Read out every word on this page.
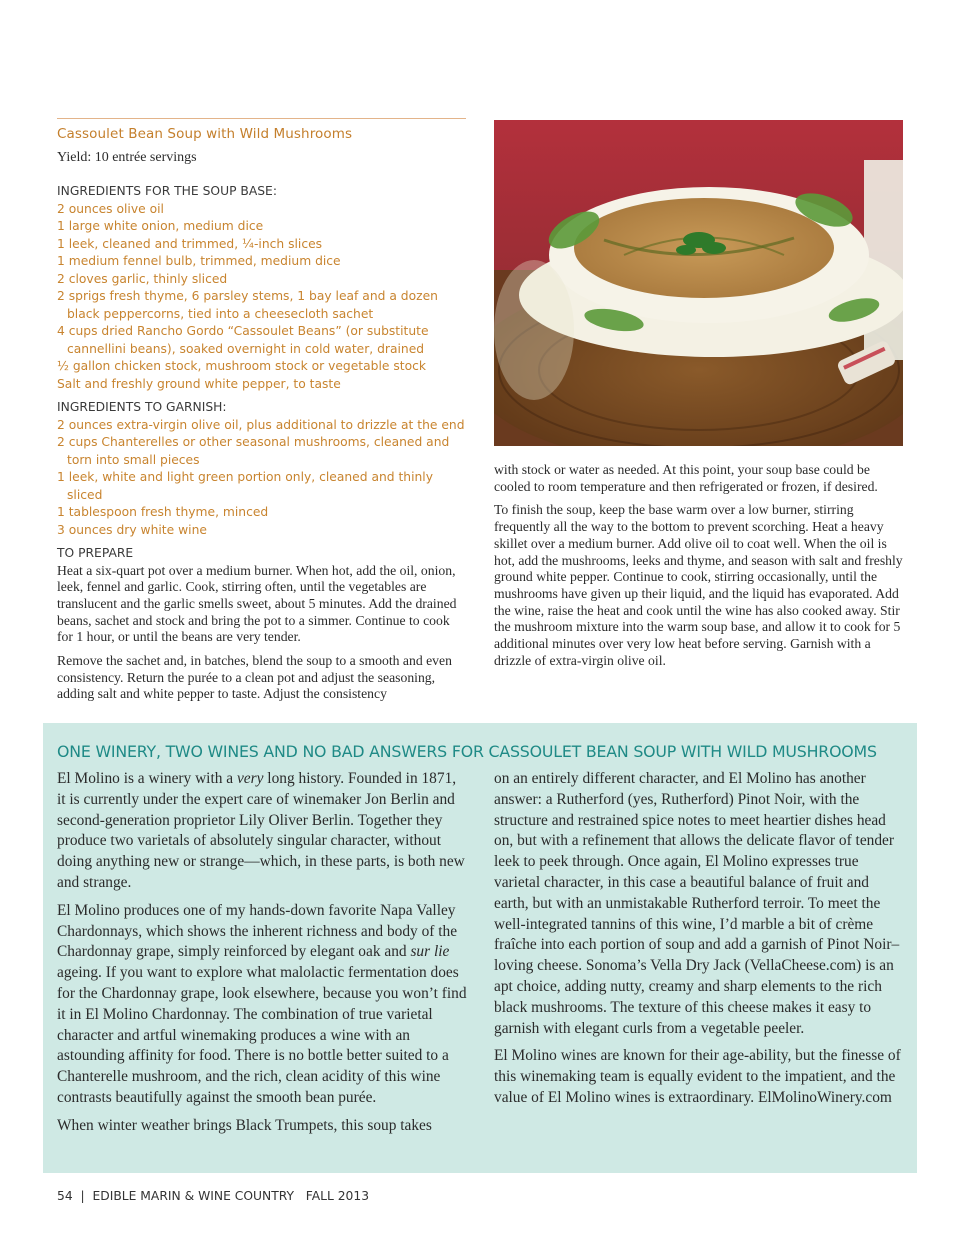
Cassoulet Bean Soup with Wild Mushrooms
Yield: 10 entrée servings

INGREDIENTS FOR THE SOUP BASE:

2 ounces olive oil
1 large white onion, medium dice
1 leek, cleaned and trimmed, ¼-inch slices
1 medium fennel bulb, trimmed, medium dice
2 cloves garlic, thinly sliced
2 sprigs fresh thyme, 6 parsley stems, 1 bay leaf and a dozen black peppercorns, tied into a cheesecloth sachet
4 cups dried Rancho Gordo “Cassoulet Beans” (or substitute cannellini beans), soaked overnight in cold water, drained
½ gallon chicken stock, mushroom stock or vegetable stock
Salt and freshly ground white pepper, to taste

INGREDIENTS TO GARNISH:

2 ounces extra-virgin olive oil, plus additional to drizzle at the end
2 cups Chanterelles or other seasonal mushrooms, cleaned and torn into small pieces
1 leek, white and light green portion only, cleaned and thinly sliced
1 tablespoon fresh thyme, minced
3 ounces dry white wine

TO PREPARE

Heat a six-quart pot over a medium burner. When hot, add the oil, onion, leek, fennel and garlic. Cook, stirring often, until the vegetables are translucent and the garlic smells sweet, about 5 minutes. Add the drained beans, sachet and stock and bring the pot to a simmer. Continue to cook for 1 hour, or until the beans are very tender.

Remove the sachet and, in batches, blend the soup to a smooth and even consistency. Return the purée to a clean pot and adjust the seasoning, adding salt and white pepper to taste. Adjust the consistency

with stock or water as needed. At this point, your soup base could be cooled to room temperature and then refrigerated or frozen, if desired.

To finish the soup, keep the base warm over a low burner, stirring frequently all the way to the bottom to prevent scorching. Heat a heavy skillet over a medium burner. Add olive oil to coat well. When the oil is hot, add the mushrooms, leeks and thyme, and season with salt and freshly ground white pepper. Continue to cook, stirring occasionally, until the mushrooms have given up their liquid, and the liquid has evaporated. Add the wine, raise the heat and cook until the wine has also cooked away. Stir the mushroom mixture into the warm soup base, and allow it to cook for 5 additional minutes over very low heat before serving. Garnish with a drizzle of extra-virgin olive oil.

ONE WINERY, TWO WINES AND NO BAD ANSWERS FOR CASSOULET BEAN SOUP WITH WILD MUSHROOMS

El Molino is a winery with a very long history. Founded in 1871, it is currently under the expert care of winemaker Jon Berlin and second-generation proprietor Lily Oliver Berlin. Together they produce two varietals of absolutely singular character, without doing anything new or strange—which, in these parts, is both new and strange.

El Molino produces one of my hands-down favorite Napa Valley Chardonnays, which shows the inherent richness and body of the Chardonnay grape, simply reinforced by elegant oak and sur lie ageing. If you want to explore what malolactic fermentation does for the Chardonnay grape, look elsewhere, because you won’t find it in El Molino Chardonnay. The combination of true varietal character and artful winemaking produces a wine with an astounding affinity for food. There is no bottle better suited to a Chanterelle mushroom, and the rich, clean acidity of this wine contrasts beautifully against the smooth bean purée.

When winter weather brings Black Trumpets, this soup takes

on an entirely different character, and El Molino has another answer: a Rutherford (yes, Rutherford) Pinot Noir, with the structure and restrained spice notes to meet heartier dishes head on, but with a refinement that allows the delicate flavor of tender leek to peek through. Once again, El Molino expresses true varietal character, in this case a beautiful balance of fruit and earth, but with an unmistakable Rutherford terroir. To meet the well-integrated tannins of this wine, I’d marble a bit of crème fraîche into each portion of soup and add a garnish of Pinot Noir–loving cheese. Sonoma’s Vella Dry Jack (VellaCheese.com) is an apt choice, adding nutty, creamy and sharp elements to the rich black mushrooms. The texture of this cheese makes it easy to garnish with elegant curls from a vegetable peeler.

El Molino wines are known for their age-ability, but the finesse of this winemaking team is equally evident to the impatient, and the value of El Molino wines is extraordinary. ElMolinoWinery.com

54 | EDIBLE MARIN & WINE COUNTRY FALL 2013
